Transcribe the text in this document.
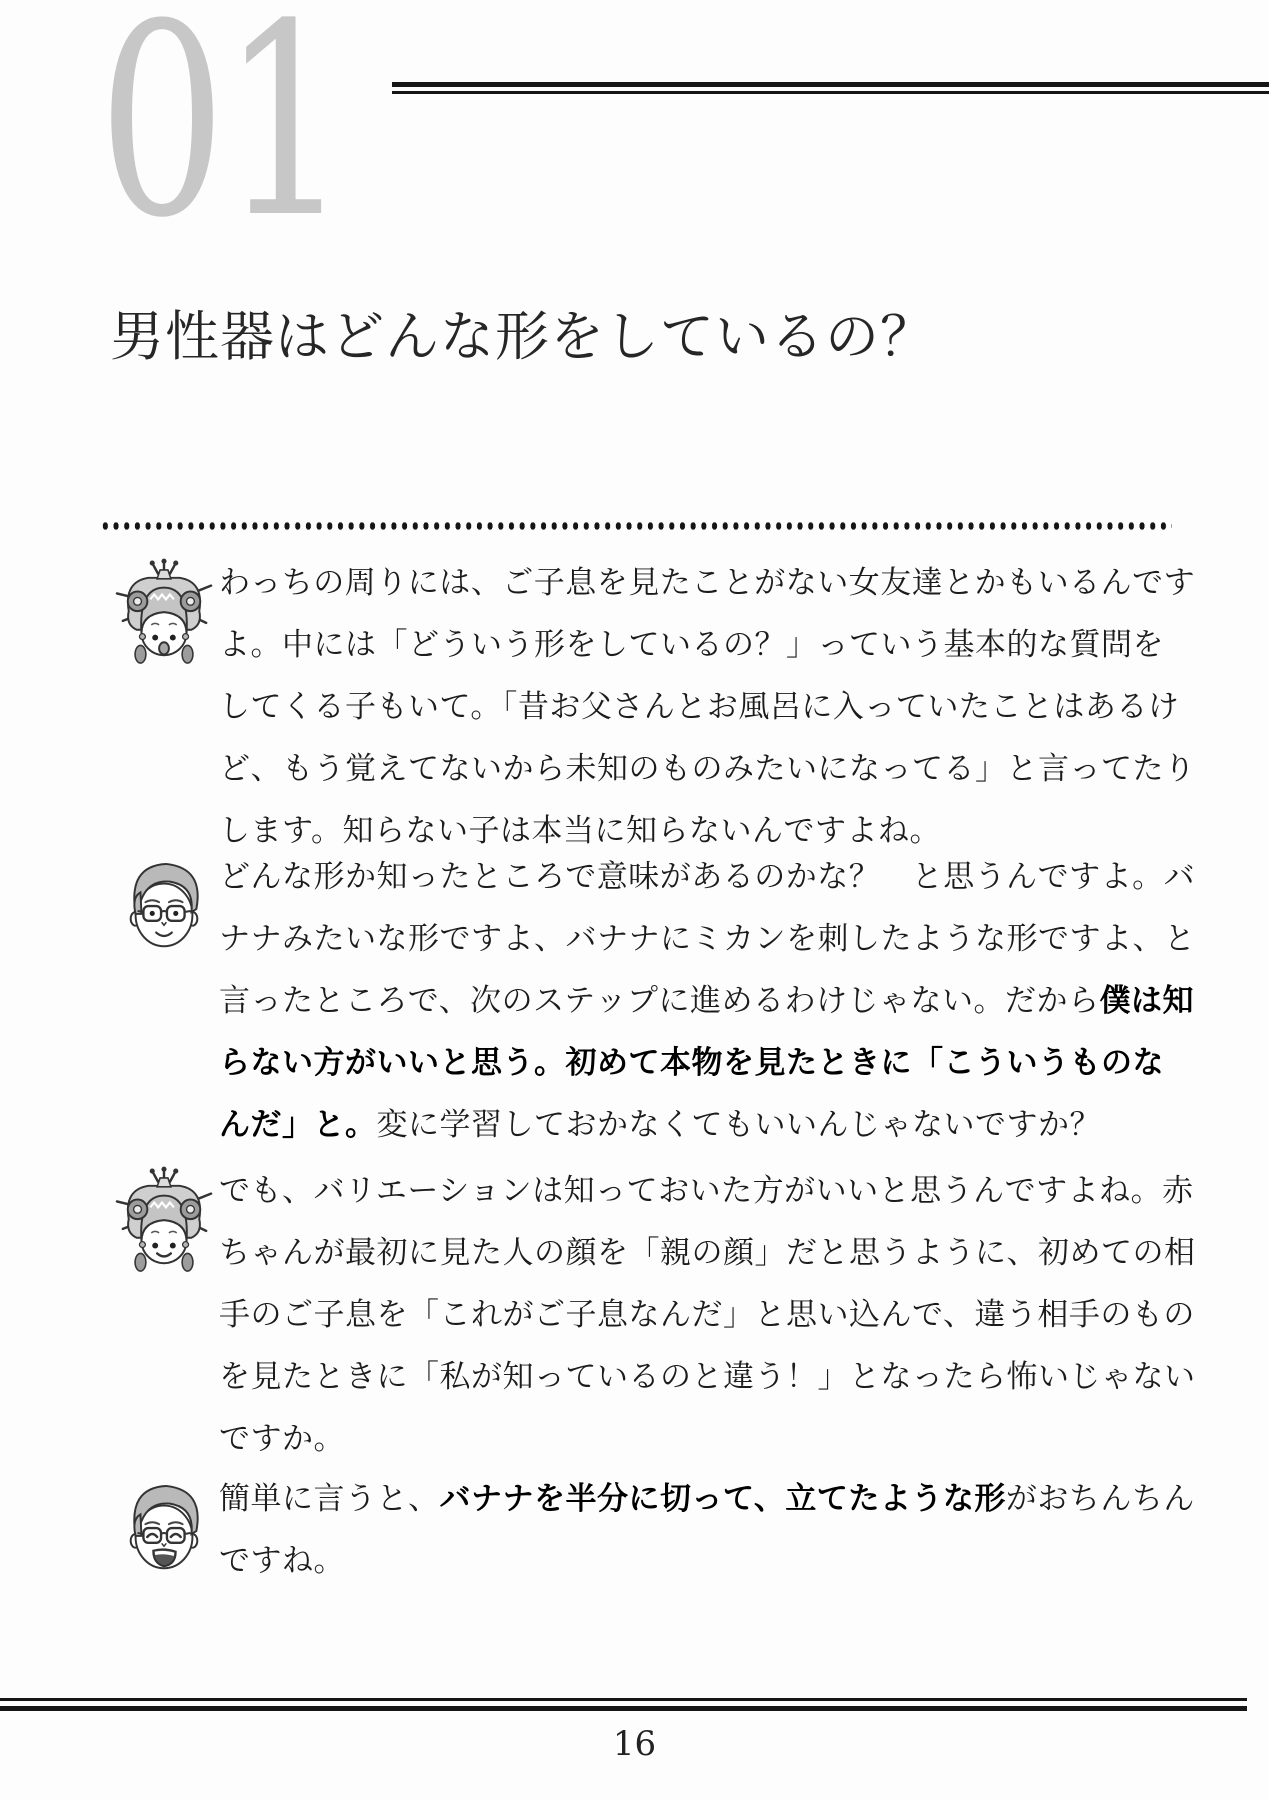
01
男性器はどんな形をしているの？
わっちの周りには、ご子息を見たことがない女友達とかもいるんです
よ。中には「どういう形をしているの？」っていう基本的な質問を
してくる子もいて。「昔お父さんとお風呂に入っていたことはあるけ
ど、もう覚えてないから未知のものみたいになってる」と言ってたり
します。知らない子は本当に知らないんですよね。
どんな形か知ったところで意味があるのかな？　と思うんですよ。バ
ナナみたいな形ですよ、バナナにミカンを刺したような形ですよ、と
言ったところで、次のステップに進めるわけじゃない。だから僕は知
らない方がいいと思う。初めて本物を見たときに「こういうものな
んだ」と。変に学習しておかなくてもいいんじゃないですか？
でも、バリエーションは知っておいた方がいいと思うんですよね。赤
ちゃんが最初に見た人の顔を「親の顔」だと思うように、初めての相
手のご子息を「これがご子息なんだ」と思い込んで、違う相手のもの
を見たときに「私が知っているのと違う！」となったら怖いじゃない
ですか。
簡単に言うと、バナナを半分に切って、立てたような形がおちんちん
ですね。
16
